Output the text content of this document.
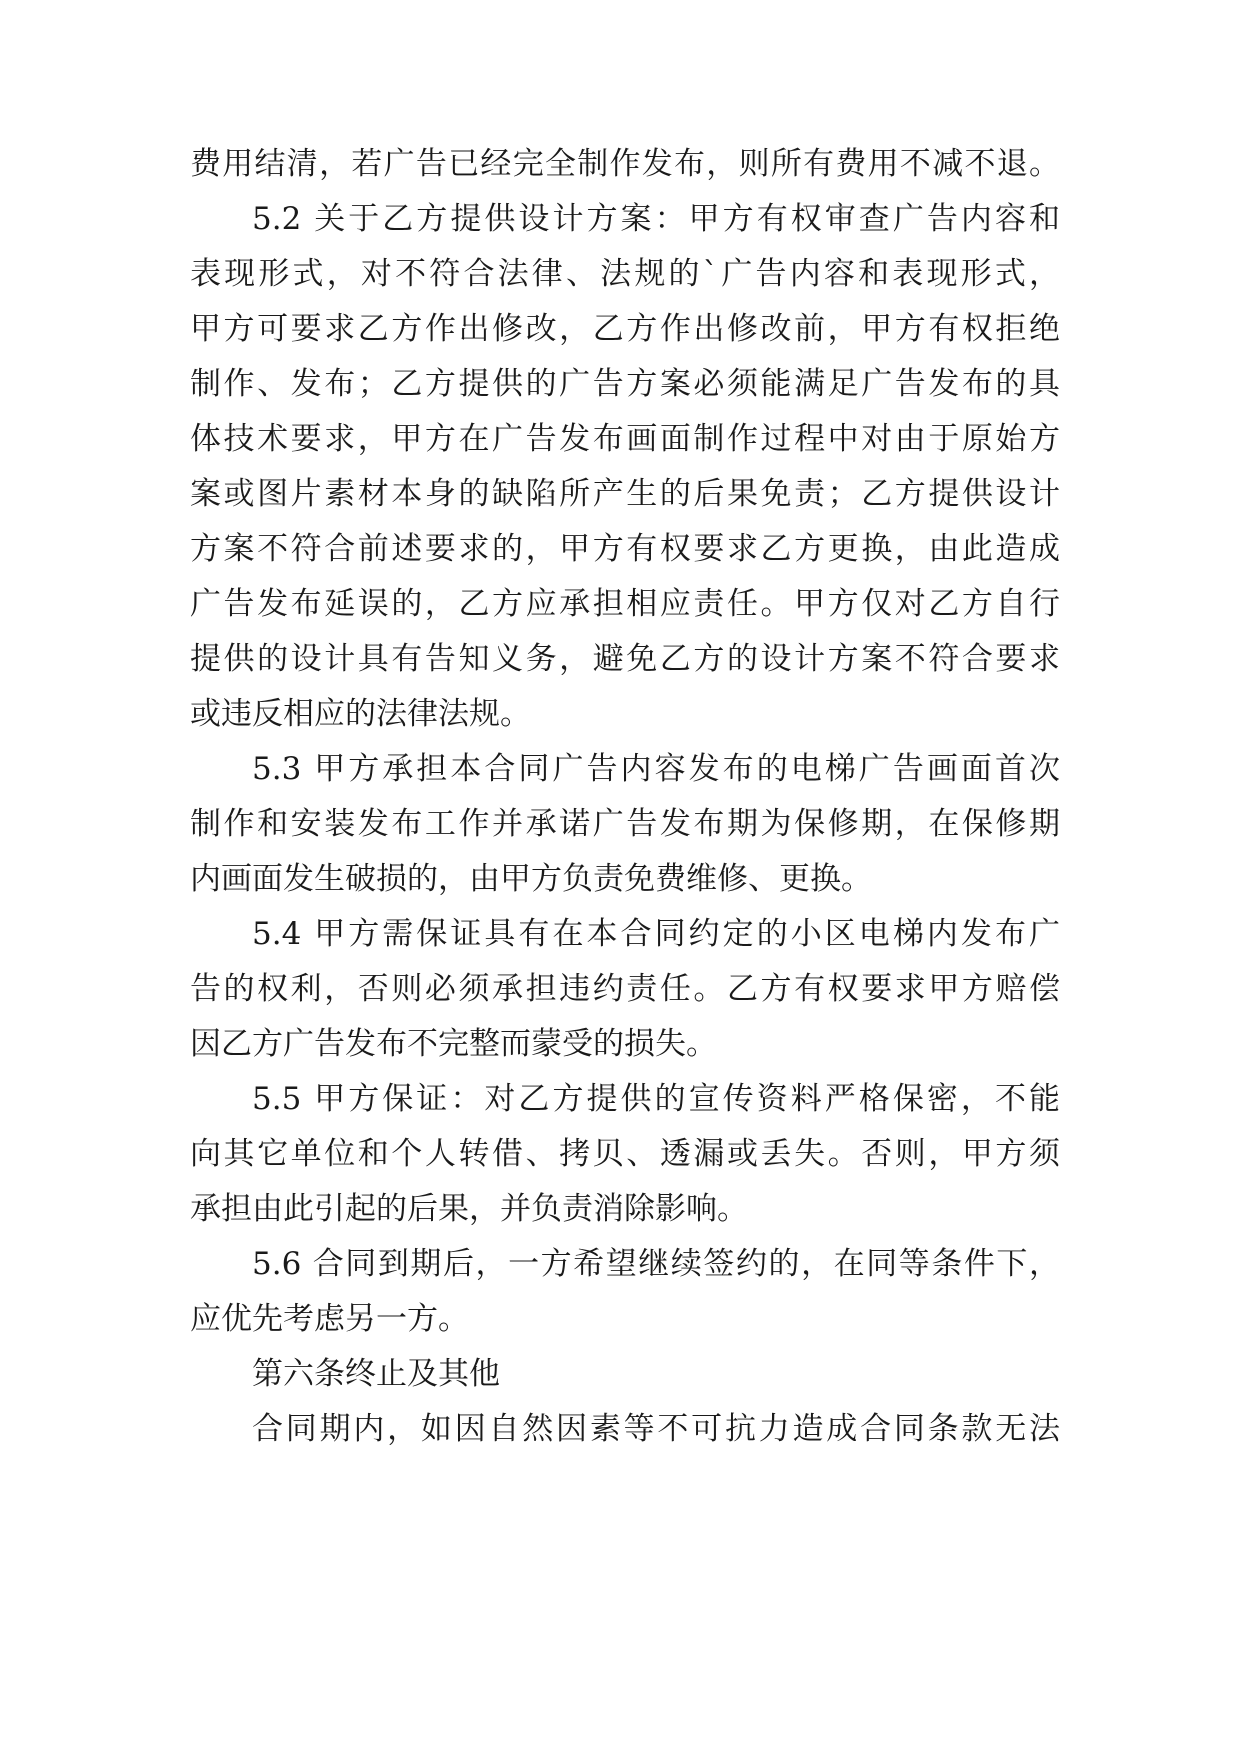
费用结清，若广告已经完全制作发布，则所有费用不减不退。
5.2 关于乙方提供设计方案：甲方有权审查广告内容和
表现形式，对不符合法律、法规的`广告内容和表现形式，
甲方可要求乙方作出修改，乙方作出修改前，甲方有权拒绝
制作、发布；乙方提供的广告方案必须能满足广告发布的具
体技术要求，甲方在广告发布画面制作过程中对由于原始方
案或图片素材本身的缺陷所产生的后果免责；乙方提供设计
方案不符合前述要求的，甲方有权要求乙方更换，由此造成
广告发布延误的，乙方应承担相应责任。甲方仅对乙方自行
提供的设计具有告知义务，避免乙方的设计方案不符合要求
或违反相应的法律法规。
5.3 甲方承担本合同广告内容发布的电梯广告画面首次
制作和安装发布工作并承诺广告发布期为保修期，在保修期
内画面发生破损的，由甲方负责免费维修、更换。
5.4 甲方需保证具有在本合同约定的小区电梯内发布广
告的权利，否则必须承担违约责任。乙方有权要求甲方赔偿
因乙方广告发布不完整而蒙受的损失。
5.5 甲方保证：对乙方提供的宣传资料严格保密，不能
向其它单位和个人转借、拷贝、透漏或丢失。否则，甲方须
承担由此引起的后果，并负责消除影响。
5.6 合同到期后，一方希望继续签约的，在同等条件下，
应优先考虑另一方。
第六条终止及其他
合同期内，如因自然因素等不可抗力造成合同条款无法
